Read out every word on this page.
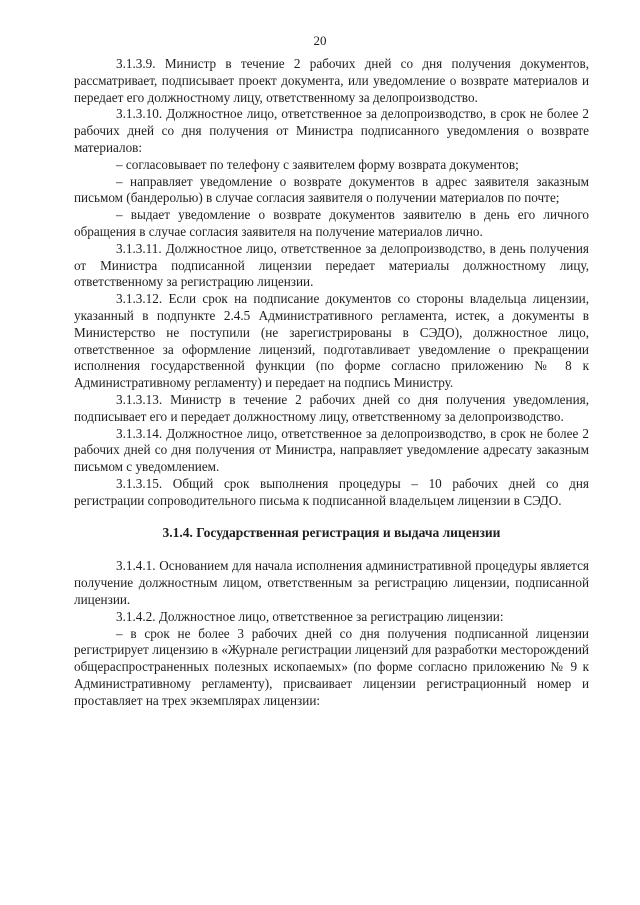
20

3.1.3.9. Министр в течение 2 рабочих дней со дня получения документов, рассматривает, подписывает проект документа, или уведомление о возврате материалов и передает его должностному лицу, ответственному за делопроизводство.

3.1.3.10. Должностное лицо, ответственное за делопроизводство, в срок не более 2 рабочих дней со дня получения от Министра подписанного уведомления о возврате материалов:

– согласовывает по телефону с заявителем форму возврата документов;

– направляет уведомление о возврате документов в адрес заявителя заказным письмом (бандеролью) в случае согласия заявителя о получении материалов по почте;

– выдает уведомление о возврате документов заявителю в день его личного обращения в случае согласия заявителя на получение материалов лично.

3.1.3.11. Должностное лицо, ответственное за делопроизводство, в день получения от Министра подписанной лицензии передает материалы должностному лицу, ответственному за регистрацию лицензии.

3.1.3.12. Если срок на подписание документов со стороны владельца лицензии, указанный в подпункте 2.4.5 Административного регламента, истек, а документы в Министерство не поступили (не зарегистрированы в СЭДО), должностное лицо, ответственное за оформление лицензий, подготавливает уведомление о прекращении исполнения государственной функции (по форме согласно приложению № 8 к Административному регламенту) и передает на подпись Министру.

3.1.3.13. Министр в течение 2 рабочих дней со дня получения уведомления, подписывает его и передает должностному лицу, ответственному за делопроизводство.

3.1.3.14. Должностное лицо, ответственное за делопроизводство, в срок не более 2 рабочих дней со дня получения от Министра, направляет уведомление адресату заказным письмом с уведомлением.

3.1.3.15. Общий срок выполнения процедуры – 10 рабочих дней со дня регистрации сопроводительного письма к подписанной владельцем лицензии в СЭДО.

3.1.4. Государственная регистрация и выдача лицензии

3.1.4.1. Основанием для начала исполнения административной процедуры является получение должностным лицом, ответственным за регистрацию лицензии, подписанной лицензии.

3.1.4.2. Должностное лицо, ответственное за регистрацию лицензии:

– в срок не более 3 рабочих дней со дня получения подписанной лицензии регистрирует лицензию в «Журнале регистрации лицензий для разработки месторождений общераспространенных полезных ископаемых» (по форме согласно приложению № 9 к Административному регламенту), присваивает лицензии регистрационный номер и проставляет на трех экземплярах лицензии:
